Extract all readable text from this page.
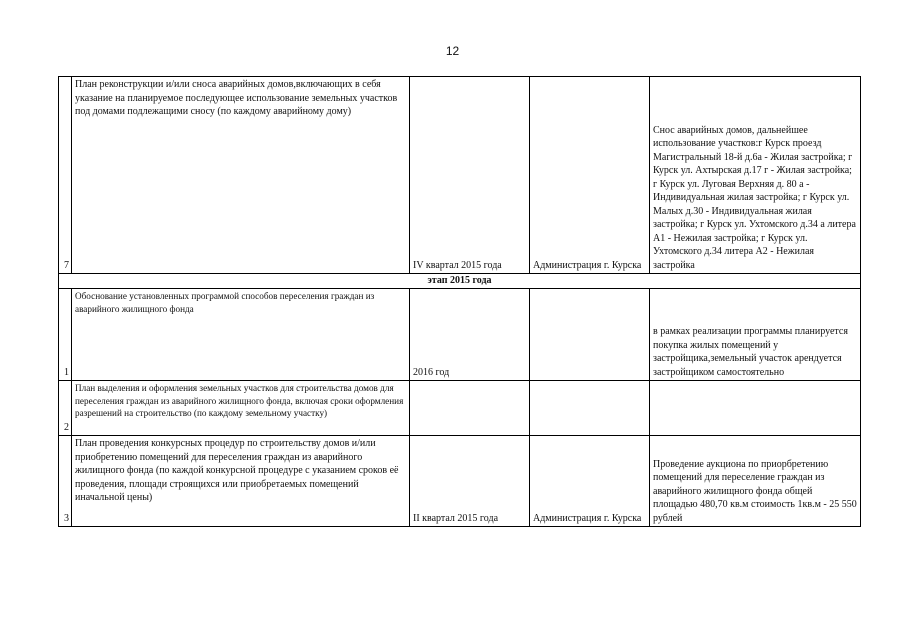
12
7	План реконструкции и/или сноса аварийных домов,включающих в себя указание на планируемое последующее использование земельных участков под домами подлежащими сносу (по каждому аварийному дому)	IV квартал 2015 года	Администрация г. Курска	Снос аварийных домов, дальнейшее использование участков:г Курск проезд Магистральный 18-й д.6а - Жилая застройка; г Курск ул. Ахтырская д.17 г - Жилая застройка; г Курск ул. Луговая Верхняя д. 80 а - Индивидуальная жилая застройка; г Курск ул. Малых д.30 - Индивидуальная жилая застройка; г Курск ул. Ухтомского д.34 а литера А1 - Нежилая застройка; г Курск ул. Ухтомского д.34 литера А2 - Нежилая застройка
этап 2015 года				
1	Обоснование установленных программой способов переселения граждан из аварийного жилищного фонда	2016 год		в рамках реализации программы планируется покупка жилых помещений у застройщика,земельный участок арендуется застройщиком самостоятельно
2	План выделения и оформления земельных участков для строительства домов для переселения граждан из аварийного жилищного фонда, включая сроки оформления разрешений на строительство (по каждому земельному участку)			
3	План проведения конкурсных процедур по строительству домов и/или приобретению помещений для переселения граждан из аварийного жилищного фонда (по каждой конкурсной процедуре с указанием сроков её проведения, площади строящихся или приобретаемых помещений иначальной цены)	II квартал 2015 года	Администрация г. Курска	Проведение аукциона по приорбретению помещений для переселение граждан из аварийного жилищного фонда общей площадью 480,70 кв.м стоимость 1кв.м - 25 550 рублей
